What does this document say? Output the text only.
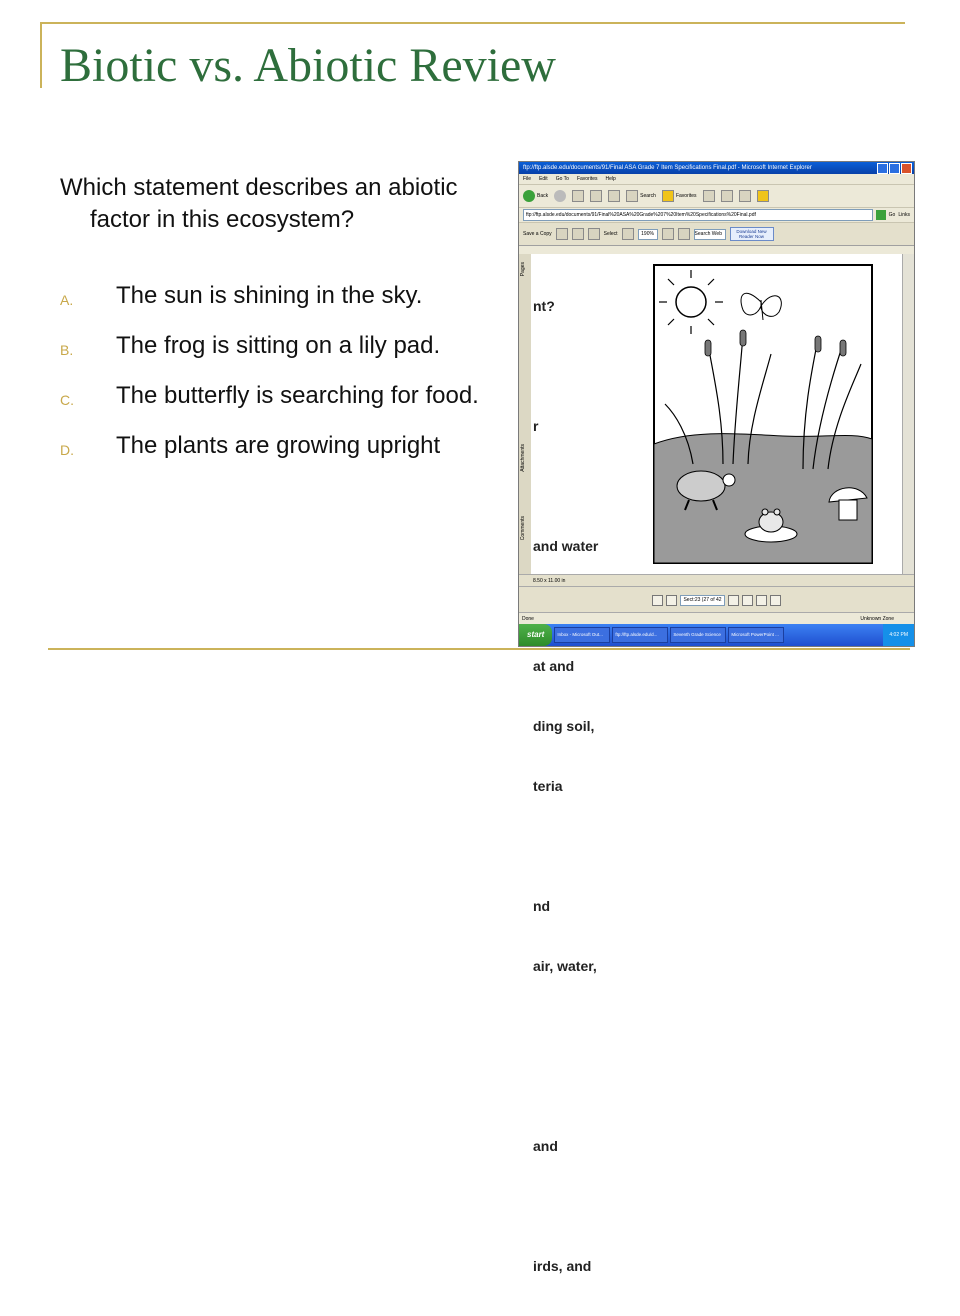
Biotic vs. Abiotic Review

Which statement describes an abiotic factor in this ecosystem?

A.	The sun is shining in the sky.
B.	The frog is sitting on a lily pad.
C.	The butterfly is searching for food.
D.	The plants are growing upright
ftp://ftp.alsde.edu/documents/91/Final ASA Grade 7 Item Specifications Final.pdf - Microsoft Internet Explorer
File Edit Go To Favorites Help
Back	Search	Favorites
ftp://ftp.alsde.edu/documents/91/Final%20ASA%20Grade%207%20Item%20Specifications%20Final.pdf	Go Links
Save a Copy	Select	190%	Search Web	Download New Reader Now
Pages
Attachments
Comments

nt?

r

and water

at and

ding soil,

teria

nd

air, water,

and

irds, and

8.50 x 11.00 in
Sect:23 (27 of 42
Done	Unknown Zone
start	Inbox - Microsoft Out...	ftp://ftp.alsde.edu/d...	Seventh Grade Science	Microsoft PowerPoint ...	4:02 PM
